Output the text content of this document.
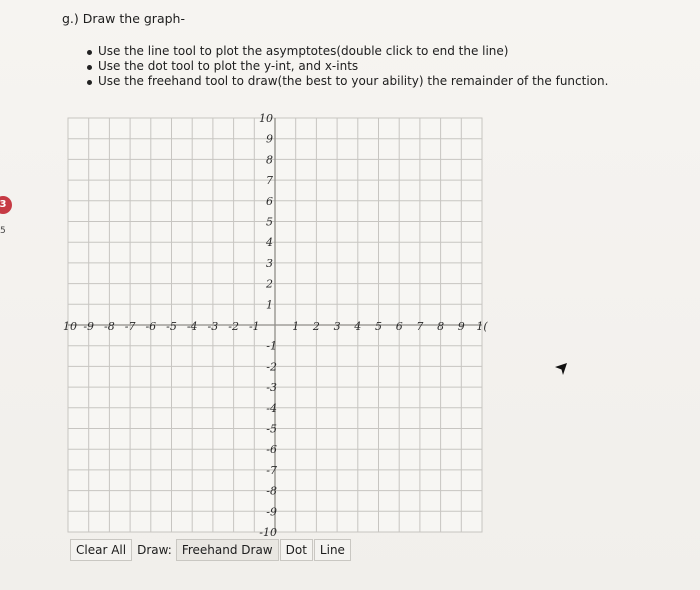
3
5
g.) Draw the graph-
Use the line tool to plot the asymptotes(double click to end the line)
Use the dot tool to plot the y-int, and x-ints
Use the freehand tool to draw(the best to your ability) the remainder of the function.
10 -9 -8 -7 -6 -5 -4 -3 -2 -1	1 2 3 4 5 6 7 8 9 1(
10
9
8
7
6
5
4
3
2
1
-1
-2
-3
-4
-5
-6
-7
-8
-9
-10
Clear All Draw: Freehand Draw	Dot	Line
